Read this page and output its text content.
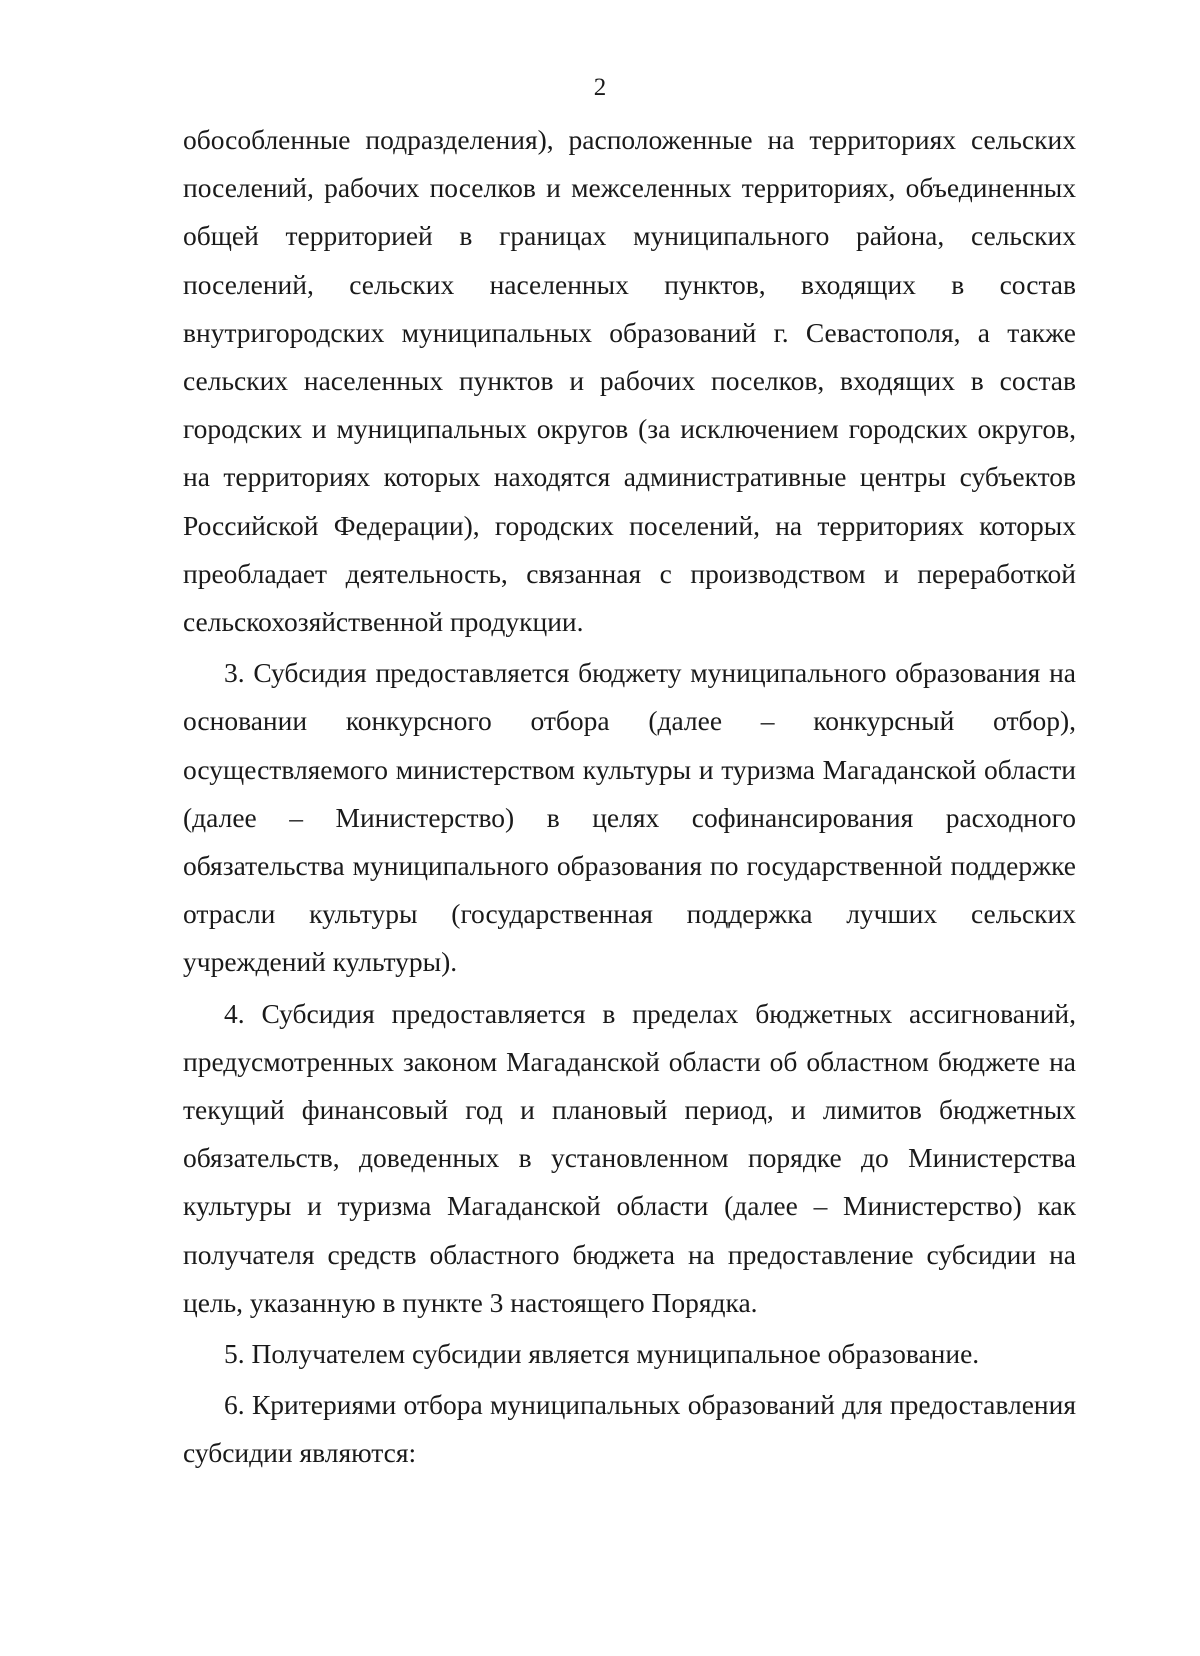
2

обособленные подразделения), расположенные на территориях сельских поселений, рабочих поселков и межселенных территориях, объединенных общей территорией в границах муниципального района, сельских поселений, сельских населенных пунктов, входящих в состав внутригородских муниципальных образований г. Севастополя, а также сельских населенных пунктов и рабочих поселков, входящих в состав городских и муниципальных округов (за исключением городских округов, на территориях которых находятся административные центры субъектов Российской Федерации), городских поселений, на территориях которых преобладает деятельность, связанная с производством и переработкой сельскохозяйственной продукции.

3. Субсидия предоставляется бюджету муниципального образования на основании конкурсного отбора (далее – конкурсный отбор), осуществляемого министерством культуры и туризма Магаданской области (далее – Министерство) в целях софинансирования расходного обязательства муниципального образования по государственной поддержке отрасли культуры (государственная поддержка лучших сельских учреждений культуры).

4. Субсидия предоставляется в пределах бюджетных ассигнований, предусмотренных законом Магаданской области об областном бюджете на текущий финансовый год и плановый период, и лимитов бюджетных обязательств, доведенных в установленном порядке до Министерства культуры и туризма Магаданской области (далее – Министерство) как получателя средств областного бюджета на предоставление субсидии на цель, указанную в пункте 3 настоящего Порядка.

5. Получателем субсидии является муниципальное образование.

6. Критериями отбора муниципальных образований для предоставления субсидии являются:
